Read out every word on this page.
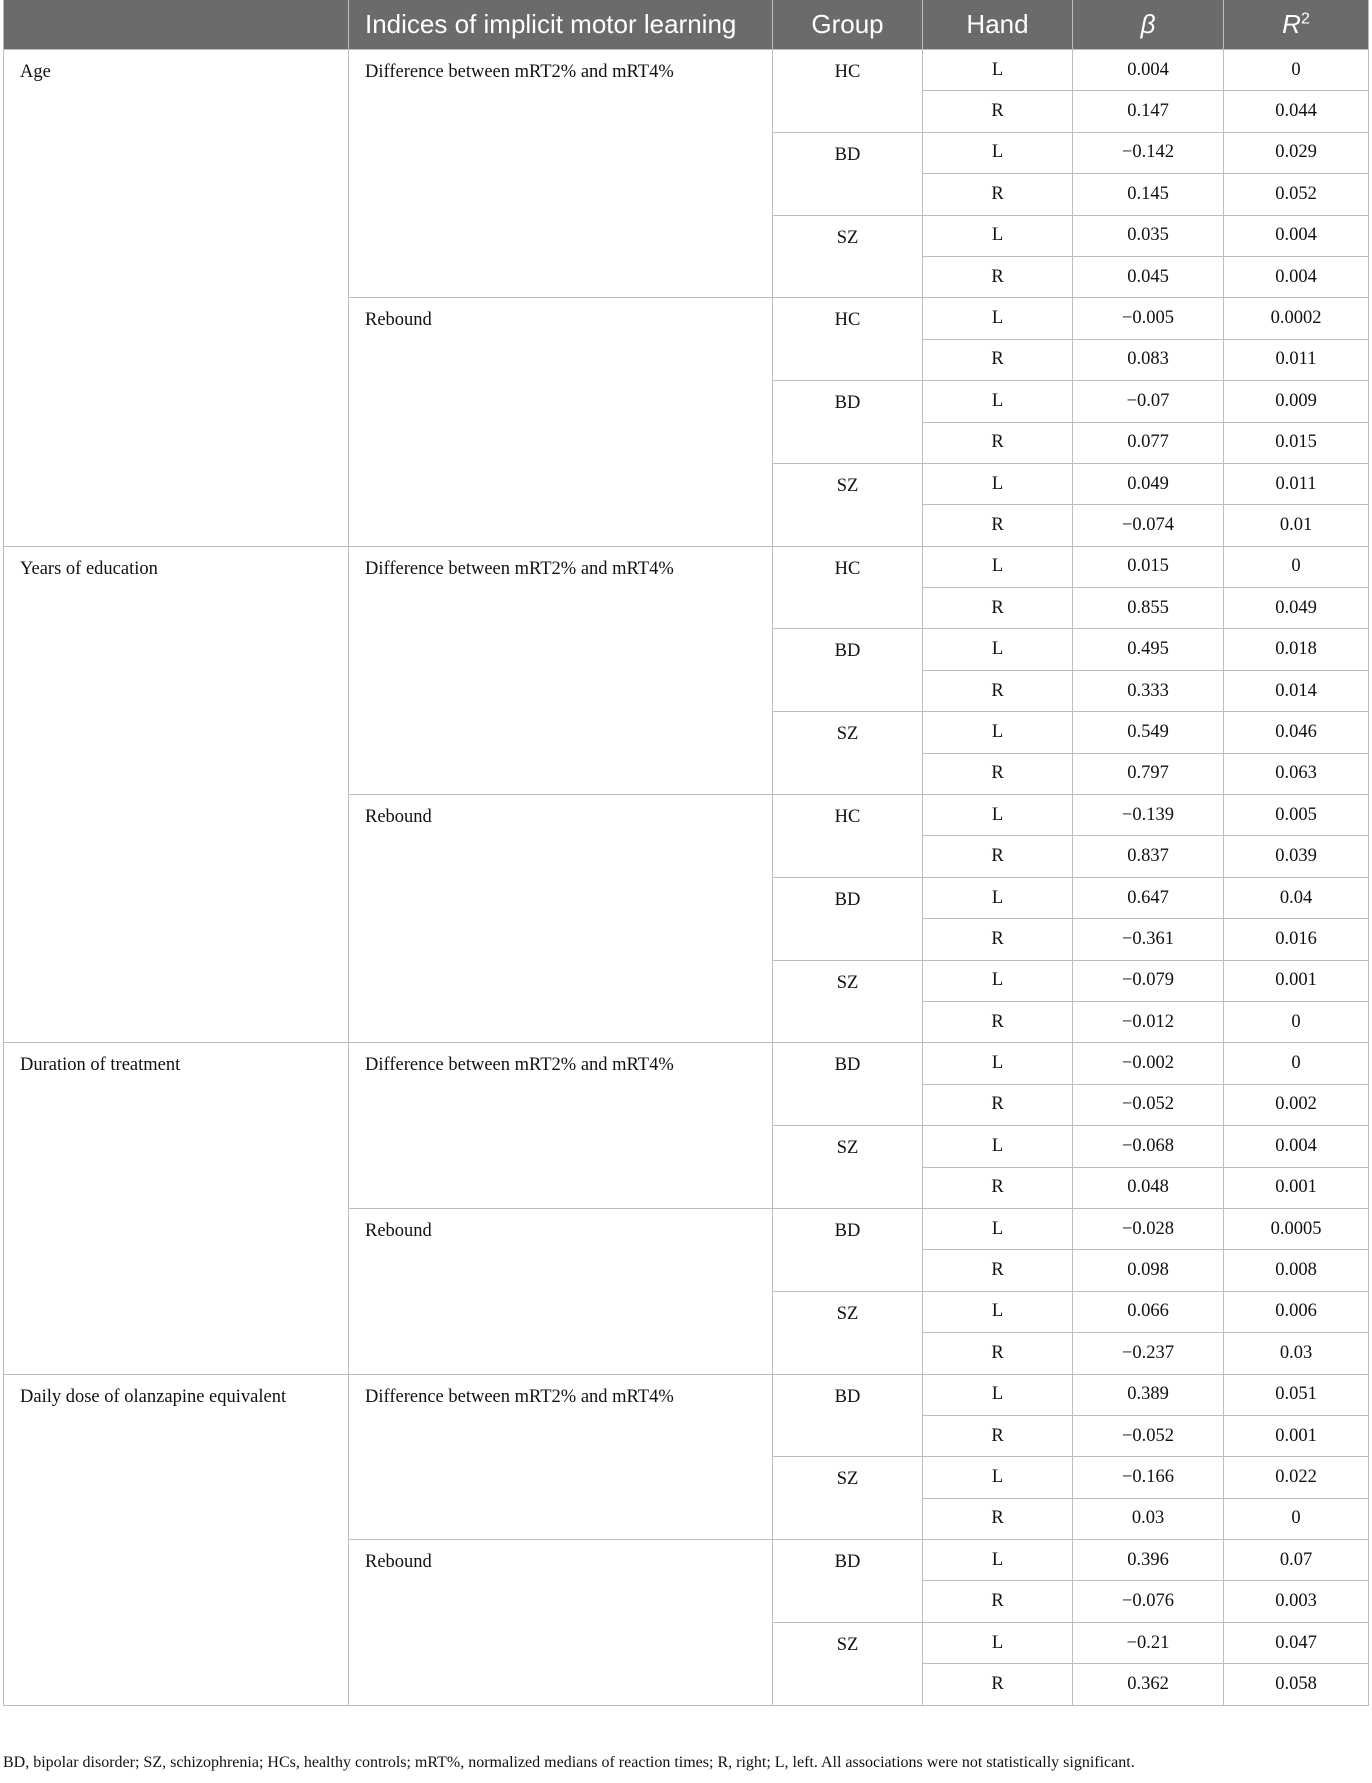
	Indices of implicit motor learning	Group	Hand	β	$R^2$
Age	Difference between mRT2% and mRT4%	HC	L	0.004	0
			R	0.147	0.044
		BD	L	−0.142	0.029
			R	0.145	0.052
		SZ	L	0.035	0.004
			R	0.045	0.004
	Rebound	HC	L	−0.005	0.0002
			R	0.083	0.011
		BD	L	−0.07	0.009
			R	0.077	0.015
		SZ	L	0.049	0.011
			R	−0.074	0.01
Years of education	Difference between mRT2% and mRT4%	HC	L	0.015	0
			R	0.855	0.049
		BD	L	0.495	0.018
			R	0.333	0.014
		SZ	L	0.549	0.046
			R	0.797	0.063
	Rebound	HC	L	−0.139	0.005
			R	0.837	0.039
		BD	L	0.647	0.04
			R	−0.361	0.016
		SZ	L	−0.079	0.001
			R	−0.012	0
Duration of treatment	Difference between mRT2% and mRT4%	BD	L	−0.002	0
			R	−0.052	0.002
		SZ	L	−0.068	0.004
			R	0.048	0.001
	Rebound	BD	L	−0.028	0.0005
			R	0.098	0.008
		SZ	L	0.066	0.006
			R	−0.237	0.03
Daily dose of olanzapine equivalent	Difference between mRT2% and mRT4%	BD	L	0.389	0.051
			R	−0.052	0.001
		SZ	L	−0.166	0.022
			R	0.03	0
	Rebound	BD	L	0.396	0.07
			R	−0.076	0.003
		SZ	L	−0.21	0.047
			R	0.362	0.058
BD, bipolar disorder; SZ, schizophrenia; HCs, healthy controls; mRT%, normalized medians of reaction times; R, right; L, left. All associations were not statistically significant.
